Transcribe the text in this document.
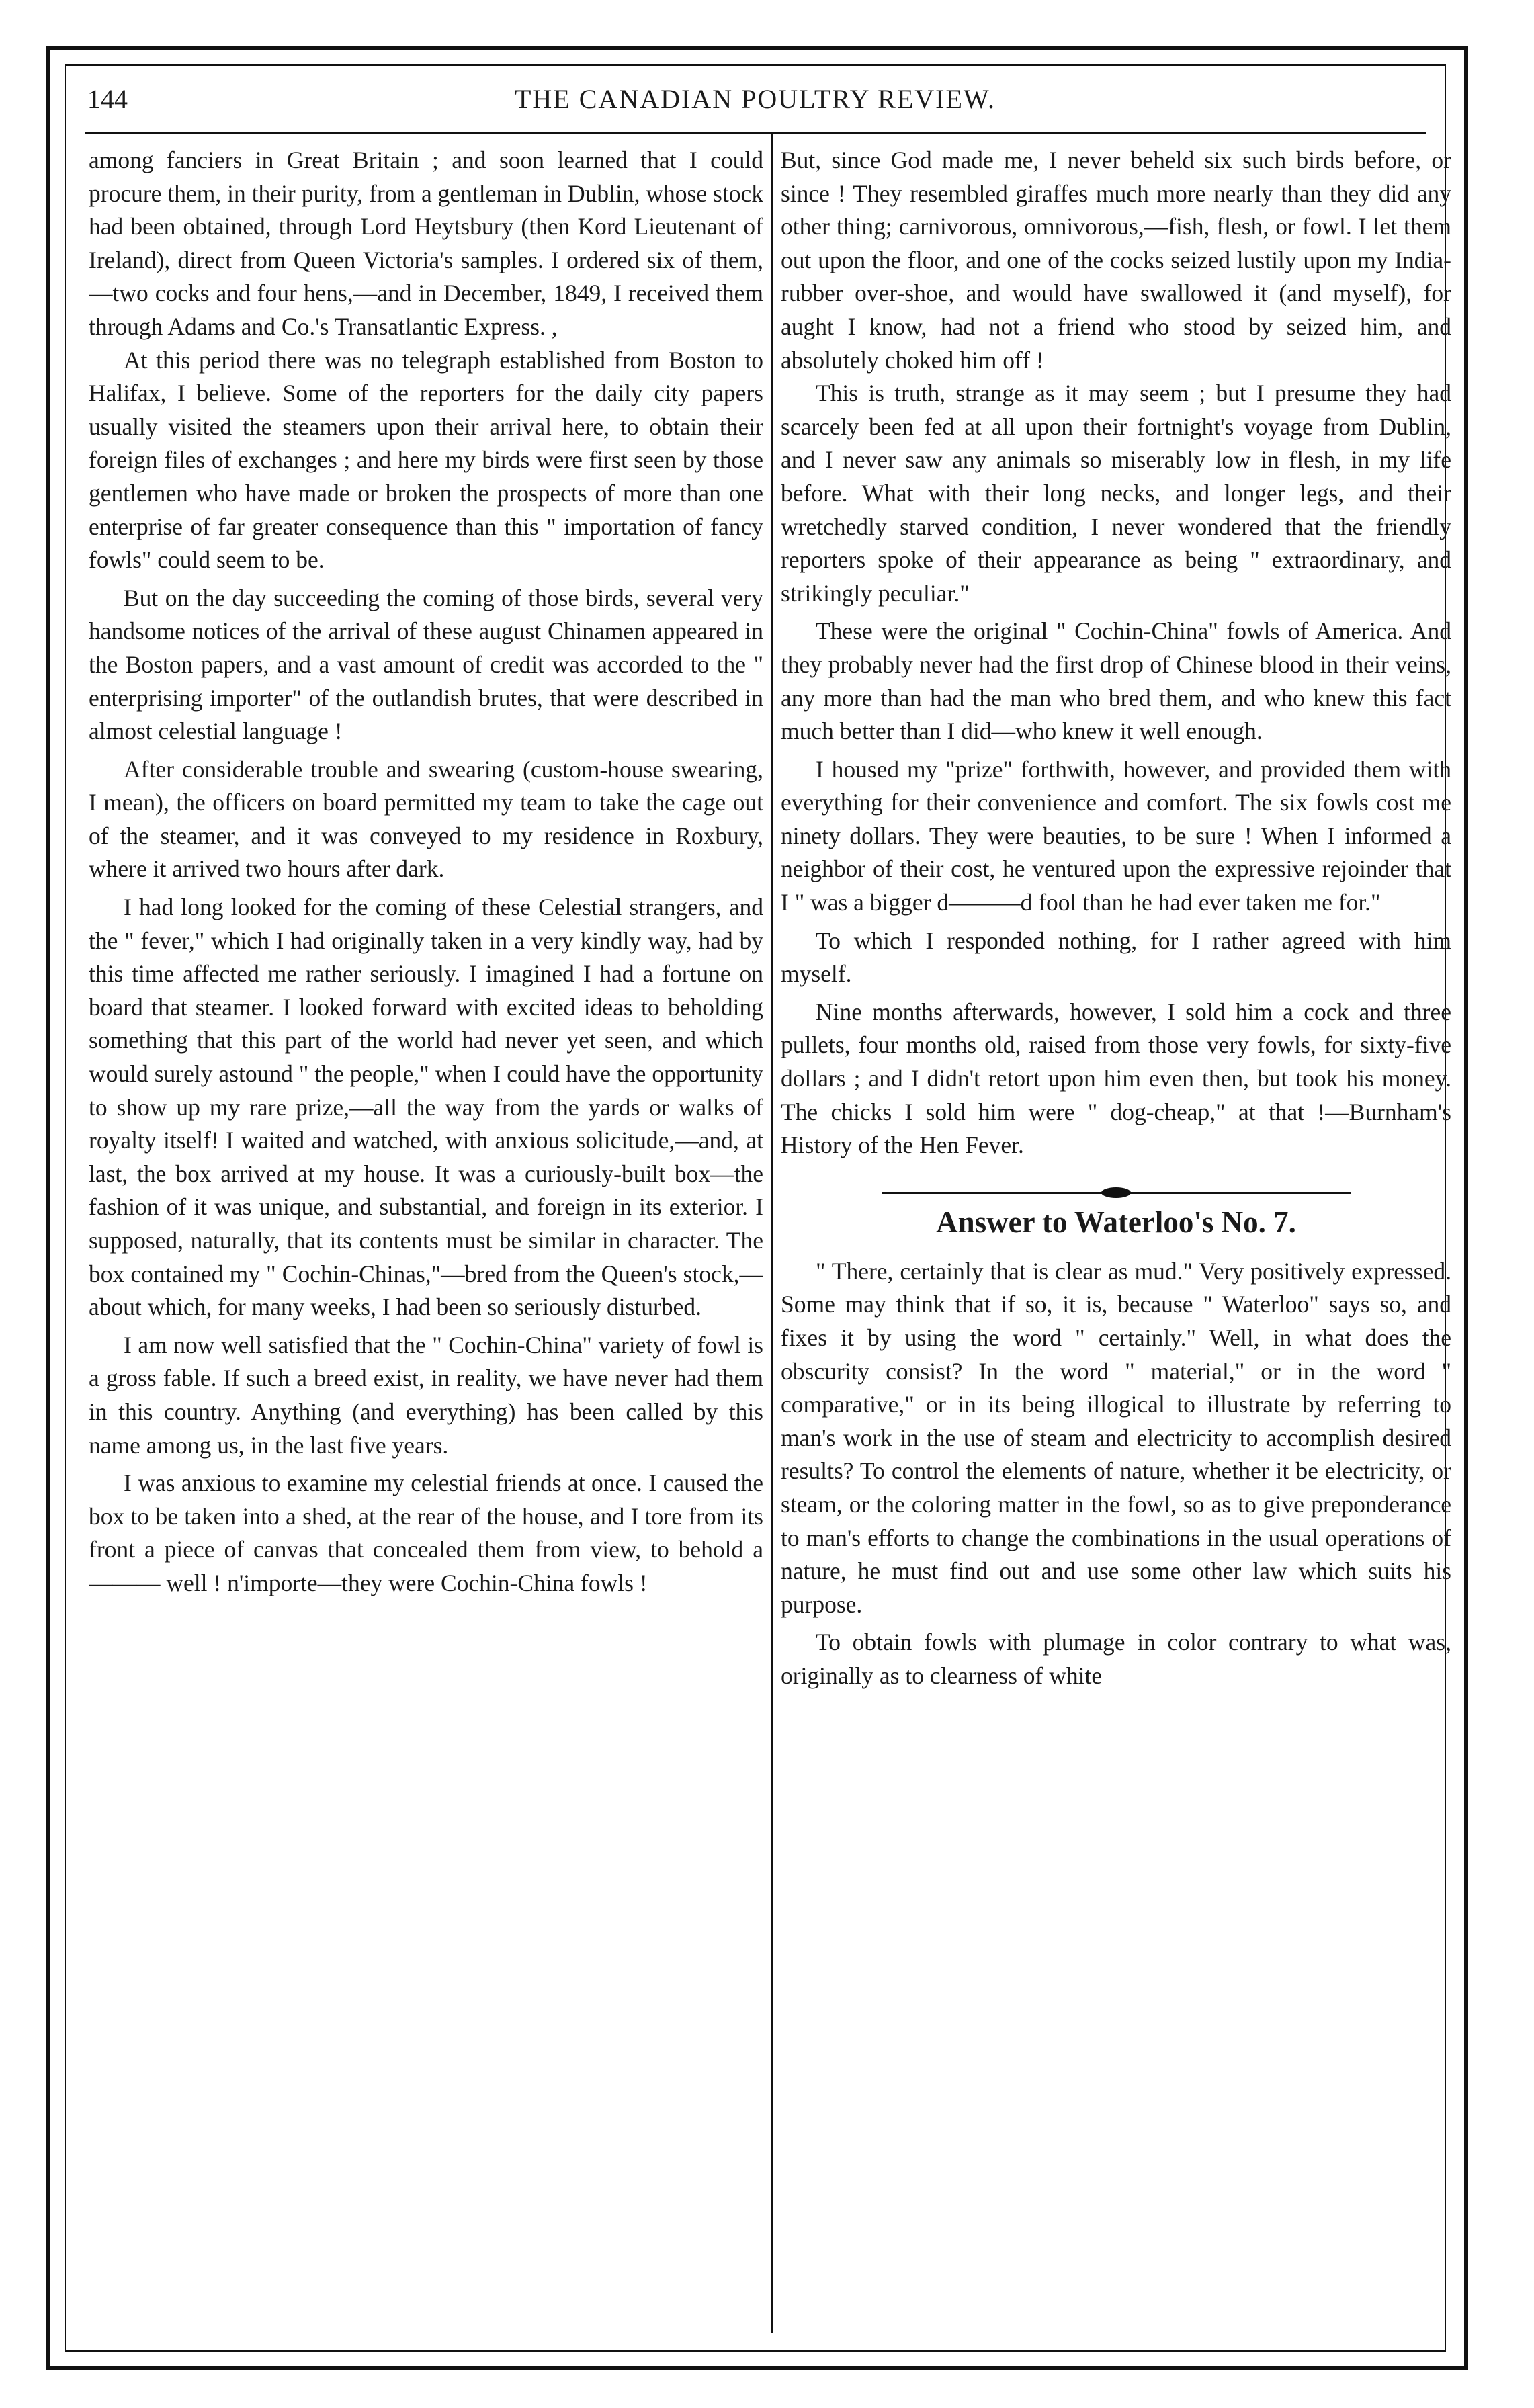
144	THE CANADIAN POULTRY REVIEW.

among fanciers in Great Britain ; and soon learned that I could procure them, in their purity, from a gentleman in Dublin, whose stock had been obtained, through Lord Heytsbury (then Kord Lieutenant of Ireland), direct from Queen Victoria's samples. I ordered six of them,—two cocks and four hens,—and in December, 1849, I received them through Adams and Co.'s Transatlantic Express. ,

At this period there was no telegraph established from Boston to Halifax, I believe. Some of the reporters for the daily city papers usually visited the steamers upon their arrival here, to obtain their foreign files of exchanges ; and here my birds were first seen by those gentlemen who have made or broken the prospects of more than one enterprise of far greater consequence than this " importation of fancy fowls" could seem to be.

But on the day succeeding the coming of those birds, several very handsome notices of the arrival of these august Chinamen appeared in the Boston papers, and a vast amount of credit was accorded to the " enterprising importer" of the outlandish brutes, that were described in almost celestial language !

After considerable trouble and swearing (custom-house swearing, I mean), the officers on board permitted my team to take the cage out of the steamer, and it was conveyed to my residence in Roxbury, where it arrived two hours after dark.

I had long looked for the coming of these Celestial strangers, and the " fever," which I had originally taken in a very kindly way, had by this time affected me rather seriously. I imagined I had a fortune on board that steamer. I looked forward with excited ideas to beholding something that this part of the world had never yet seen, and which would surely astound " the people," when I could have the opportunity to show up my rare prize,—all the way from the yards or walks of royalty itself! I waited and watched, with anxious solicitude,—and, at last, the box arrived at my house. It was a curiously-built box—the fashion of it was unique, and substantial, and foreign in its exterior. I supposed, naturally, that its contents must be similar in character. The box contained my " Cochin-Chinas,"—bred from the Queen's stock,—about which, for many weeks, I had been so seriously disturbed.

I am now well satisfied that the " Cochin-China" variety of fowl is a gross fable. If such a breed exist, in reality, we have never had them in this country. Anything (and everything) has been called by this name among us, in the last five years.

I was anxious to examine my celestial friends at once. I caused the box to be taken into a shed, at the rear of the house, and I tore from its front a piece of canvas that concealed them from view, to behold a ——— well ! n'importe—they were Cochin-China fowls !

But, since God made me, I never beheld six such birds before, or since ! They resembled giraffes much more nearly than they did any other thing; carnivorous, omnivorous,—fish, flesh, or fowl. I let them out upon the floor, and one of the cocks seized lustily upon my India-rubber over-shoe, and would have swallowed it (and myself), for aught I know, had not a friend who stood by seized him, and absolutely choked him off !

This is truth, strange as it may seem ; but I presume they had scarcely been fed at all upon their fortnight's voyage from Dublin, and I never saw any animals so miserably low in flesh, in my life before. What with their long necks, and longer legs, and their wretchedly starved condition, I never wondered that the friendly reporters spoke of their appearance as being " extraordinary, and strikingly peculiar."

These were the original " Cochin-China" fowls of America. And they probably never had the first drop of Chinese blood in their veins, any more than had the man who bred them, and who knew this fact much better than I did—who knew it well enough.

I housed my "prize" forthwith, however, and provided them with everything for their convenience and comfort. The six fowls cost me ninety dollars. They were beauties, to be sure ! When I informed a neighbor of their cost, he ventured upon the expressive rejoinder that I " was a bigger d———d fool than he had ever taken me for."

To which I responded nothing, for I rather agreed with him myself.

Nine months afterwards, however, I sold him a cock and three pullets, four months old, raised from those very fowls, for sixty-five dollars ; and I didn't retort upon him even then, but took his money. The chicks I sold him were " dog-cheap," at that !—Burnham's History of the Hen Fever.

Answer to Waterloo's No. 7.

" There, certainly that is clear as mud." Very positively expressed. Some may think that if so, it is, because " Waterloo" says so, and fixes it by using the word " certainly." Well, in what does the obscurity consist? In the word " material," or in the word " comparative," or in its being illogical to illustrate by referring to man's work in the use of steam and electricity to accomplish desired results? To control the elements of nature, whether it be electricity, or steam, or the coloring matter in the fowl, so as to give preponderance to man's efforts to change the combinations in the usual operations of nature, he must find out and use some other law which suits his purpose.

To obtain fowls with plumage in color contrary to what was, originally as to clearness of white
